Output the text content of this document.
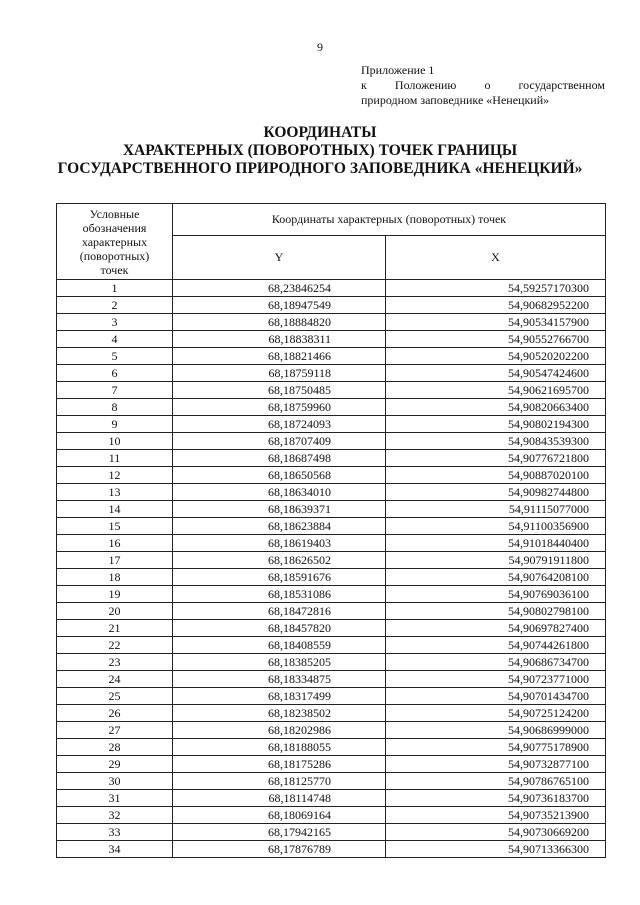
9
Приложение 1
к Положению о государственном
природном заповеднике «Ненецкий»
КООРДИНАТЫ
ХАРАКТЕРНЫХ (ПОВОРОТНЫХ) ТОЧЕК ГРАНИЦЫ
ГОСУДАРСТВЕННОГО ПРИРОДНОГО ЗАПОВЕДНИКА «НЕНЕЦКИЙ»
Условные
обозначения
характерных
(поворотных)
точек	Координаты характерных (поворотных) точек	
	Y	X
1	68,23846254	54,59257170300
2	68,18947549	54,90682952200
3	68,18884820	54,90534157900
4	68,18838311	54,90552766700
5	68,18821466	54,90520202200
6	68,18759118	54,90547424600
7	68,18750485	54,90621695700
8	68,18759960	54,90820663400
9	68,18724093	54,90802194300
10	68,18707409	54,90843539300
11	68,18687498	54,90776721800
12	68,18650568	54,90887020100
13	68,18634010	54,90982744800
14	68,18639371	54,91115077000
15	68,18623884	54,91100356900
16	68,18619403	54,91018440400
17	68,18626502	54,90791911800
18	68,18591676	54,90764208100
19	68,18531086	54,90769036100
20	68,18472816	54,90802798100
21	68,18457820	54,90697827400
22	68,18408559	54,90744261800
23	68,18385205	54,90686734700
24	68,18334875	54,90723771000
25	68,18317499	54,90701434700
26	68,18238502	54,90725124200
27	68,18202986	54,90686999000
28	68,18188055	54,90775178900
29	68,18175286	54,90732877100
30	68,18125770	54,90786765100
31	68,18114748	54,90736183700
32	68,18069164	54,90735213900
33	68,17942165	54,90730669200
34	68,17876789	54,90713366300
